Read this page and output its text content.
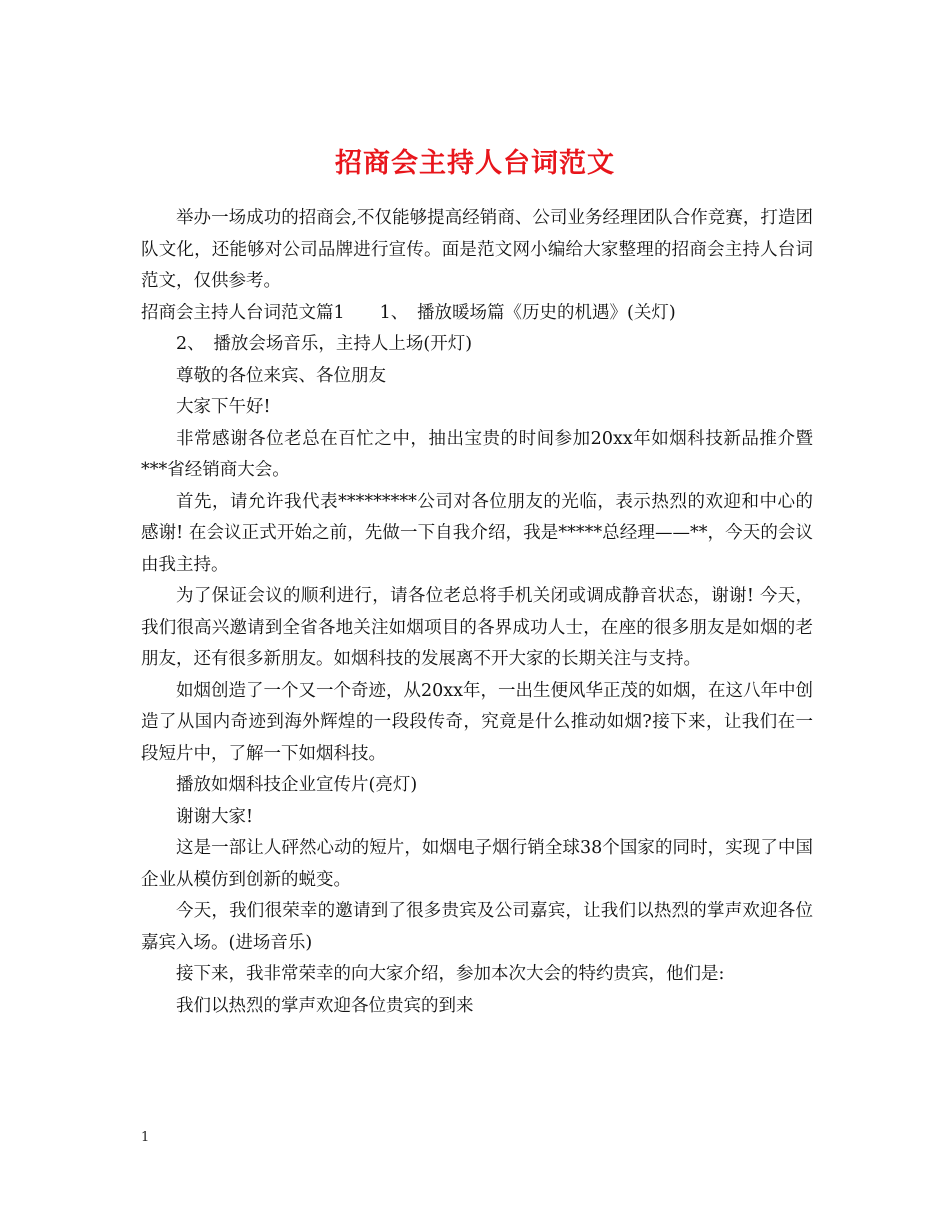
招商会主持人台词范文

举办一场成功的招商会,不仅能够提高经销商、公司业务经理团队合作竞赛，打造团队文化，还能够对公司品牌进行宣传。面是范文网小编给大家整理的招商会主持人台词范文，仅供参考。

招商会主持人台词范文篇1　　1、　播放暖场篇《历史的机遇》(关灯)

2、　播放会场音乐，主持人上场(开灯)

尊敬的各位来宾、各位朋友

大家下午好!

非常感谢各位老总在百忙之中，抽出宝贵的时间参加20xx年如烟科技新品推介暨***省经销商大会。

首先，请允许我代表*********公司对各位朋友的光临，表示热烈的欢迎和中心的感谢! 在会议正式开始之前，先做一下自我介绍，我是*****总经理——**，今天的会议由我主持。

为了保证会议的顺利进行，请各位老总将手机关闭或调成静音状态，谢谢! 今天，我们很高兴邀请到全省各地关注如烟项目的各界成功人士，在座的很多朋友是如烟的老朋友，还有很多新朋友。如烟科技的发展离不开大家的长期关注与支持。

如烟创造了一个又一个奇迹，从20xx年，一出生便风华正茂的如烟，在这八年中创造了从国内奇迹到海外辉煌的一段段传奇，究竟是什么推动如烟?接下来，让我们在一段短片中，了解一下如烟科技。

播放如烟科技企业宣传片(亮灯)

谢谢大家!

这是一部让人砰然心动的短片，如烟电子烟行销全球38个国家的同时，实现了中国企业从模仿到创新的蜕变。

今天，我们很荣幸的邀请到了很多贵宾及公司嘉宾，让我们以热烈的掌声欢迎各位嘉宾入场。(进场音乐)

接下来，我非常荣幸的向大家介绍，参加本次大会的特约贵宾，他们是:

我们以热烈的掌声欢迎各位贵宾的到来

1
